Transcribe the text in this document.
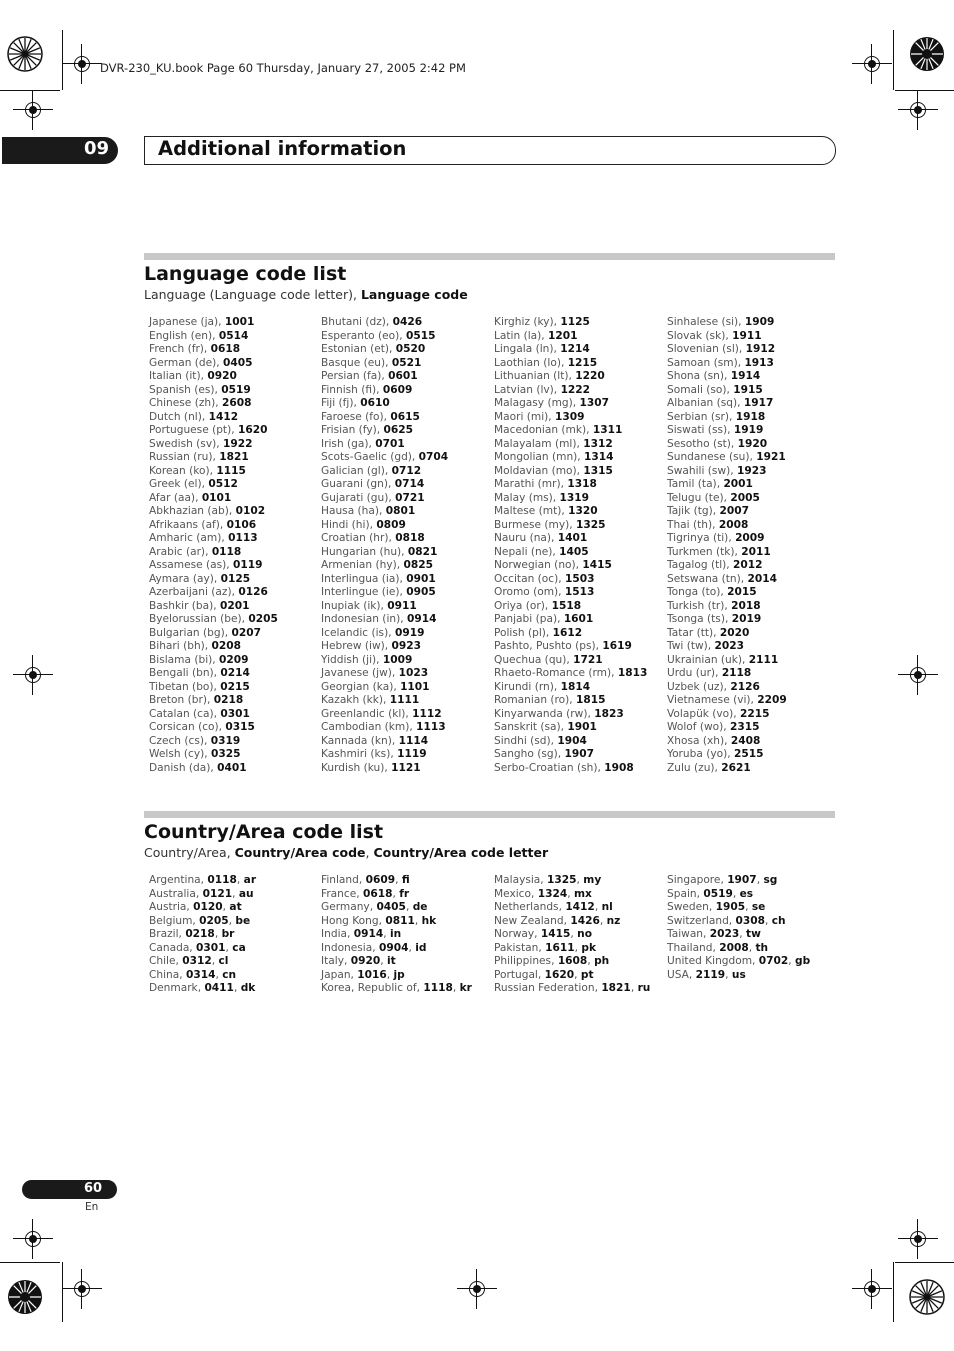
DVR-230_KU.book Page 60 Thursday, January 27, 2005 2:42 PM
09	Additional information
Language code list
Language (Language code letter), Language code
Japanese (ja), 1001
English (en), 0514
French (fr), 0618
German (de), 0405
Italian (it), 0920
Spanish (es), 0519
Chinese (zh), 2608
Dutch (nl), 1412
Portuguese (pt), 1620
Swedish (sv), 1922
Russian (ru), 1821
Korean (ko), 1115
Greek (el), 0512
Afar (aa), 0101
Abkhazian (ab), 0102
Afrikaans (af), 0106
Amharic (am), 0113
Arabic (ar), 0118
Assamese (as), 0119
Aymara (ay), 0125
Azerbaijani (az), 0126
Bashkir (ba), 0201
Byelorussian (be), 0205
Bulgarian (bg), 0207
Bihari (bh), 0208
Bislama (bi), 0209
Bengali (bn), 0214
Tibetan (bo), 0215
Breton (br), 0218
Catalan (ca), 0301
Corsican (co), 0315
Czech (cs), 0319
Welsh (cy), 0325
Danish (da), 0401
Bhutani (dz), 0426
Esperanto (eo), 0515
Estonian (et), 0520
Basque (eu), 0521
Persian (fa), 0601
Finnish (fi), 0609
Fiji (fj), 0610
Faroese (fo), 0615
Frisian (fy), 0625
Irish (ga), 0701
Scots-Gaelic (gd), 0704
Galician (gl), 0712
Guarani (gn), 0714
Gujarati (gu), 0721
Hausa (ha), 0801
Hindi (hi), 0809
Croatian (hr), 0818
Hungarian (hu), 0821
Armenian (hy), 0825
Interlingua (ia), 0901
Interlingue (ie), 0905
Inupiak (ik), 0911
Indonesian (in), 0914
Icelandic (is), 0919
Hebrew (iw), 0923
Yiddish (ji), 1009
Javanese (jw), 1023
Georgian (ka), 1101
Kazakh (kk), 1111
Greenlandic (kl), 1112
Cambodian (km), 1113
Kannada (kn), 1114
Kashmiri (ks), 1119
Kurdish (ku), 1121
Kirghiz (ky), 1125
Latin (la), 1201
Lingala (ln), 1214
Laothian (lo), 1215
Lithuanian (lt), 1220
Latvian (lv), 1222
Malagasy (mg), 1307
Maori (mi), 1309
Macedonian (mk), 1311
Malayalam (ml), 1312
Mongolian (mn), 1314
Moldavian (mo), 1315
Marathi (mr), 1318
Malay (ms), 1319
Maltese (mt), 1320
Burmese (my), 1325
Nauru (na), 1401
Nepali (ne), 1405
Norwegian (no), 1415
Occitan (oc), 1503
Oromo (om), 1513
Oriya (or), 1518
Panjabi (pa), 1601
Polish (pl), 1612
Pashto, Pushto (ps), 1619
Quechua (qu), 1721
Rhaeto-Romance (rm), 1813
Kirundi (rn), 1814
Romanian (ro), 1815
Kinyarwanda (rw), 1823
Sanskrit (sa), 1901
Sindhi (sd), 1904
Sangho (sg), 1907
Serbo-Croatian (sh), 1908
Sinhalese (si), 1909
Slovak (sk), 1911
Slovenian (sl), 1912
Samoan (sm), 1913
Shona (sn), 1914
Somali (so), 1915
Albanian (sq), 1917
Serbian (sr), 1918
Siswati (ss), 1919
Sesotho (st), 1920
Sundanese (su), 1921
Swahili (sw), 1923
Tamil (ta), 2001
Telugu (te), 2005
Tajik (tg), 2007
Thai (th), 2008
Tigrinya (ti), 2009
Turkmen (tk), 2011
Tagalog (tl), 2012
Setswana (tn), 2014
Tonga (to), 2015
Turkish (tr), 2018
Tsonga (ts), 2019
Tatar (tt), 2020
Twi (tw), 2023
Ukrainian (uk), 2111
Urdu (ur), 2118
Uzbek (uz), 2126
Vietnamese (vi), 2209
Volapük (vo), 2215
Wolof (wo), 2315
Xhosa (xh), 2408
Yoruba (yo), 2515
Zulu (zu), 2621
Country/Area code list
Country/Area, Country/Area code, Country/Area code letter
Argentina, 0118, ar
Australia, 0121, au
Austria, 0120, at
Belgium, 0205, be
Brazil, 0218, br
Canada, 0301, ca
Chile, 0312, cl
China, 0314, cn
Denmark, 0411, dk
Finland, 0609, fi
France, 0618, fr
Germany, 0405, de
Hong Kong, 0811, hk
India, 0914, in
Indonesia, 0904, id
Italy, 0920, it
Japan, 1016, jp
Korea, Republic of, 1118, kr
Malaysia, 1325, my
Mexico, 1324, mx
Netherlands, 1412, nl
New Zealand, 1426, nz
Norway, 1415, no
Pakistan, 1611, pk
Philippines, 1608, ph
Portugal, 1620, pt
Russian Federation, 1821, ru
Singapore, 1907, sg
Spain, 0519, es
Sweden, 1905, se
Switzerland, 0308, ch
Taiwan, 2023, tw
Thailand, 2008, th
United Kingdom, 0702, gb
USA, 2119, us
60
En
